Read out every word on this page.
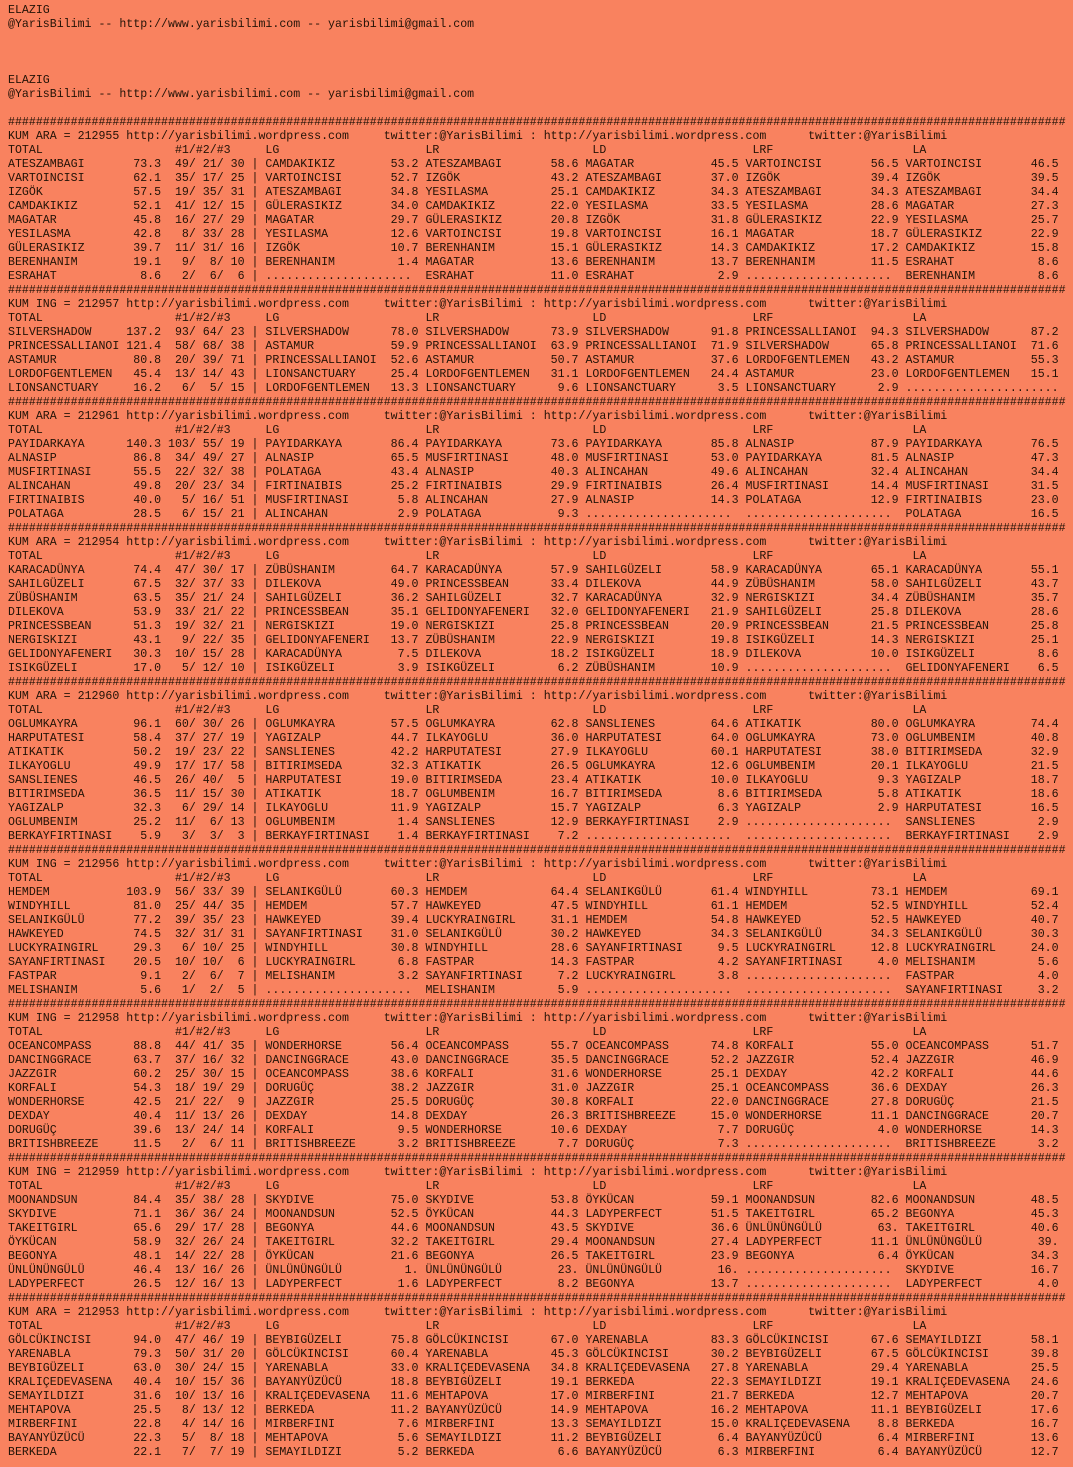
ELAZIG
@YarisBilimi -- http://www.yarisbilimi.com -- yarisbilimi@gmail.com
ELAZIG
@YarisBilimi -- http://www.yarisbilimi.com -- yarisbilimi@gmail.com
########################################################################################################################################################
KUM ARA = 212955 http://yarisbilimi.wordpress.com     twitter:@YarisBilimi : http://yarisbilimi.wordpress.com      twitter:@YarisBilimi
TOTAL                   #1/#2/#3     LG                     LR                      LD                     LRF                    LA
ATESZAMBAGI       73.3  49/ 21/ 30 | CAMDAKIKIZ        53.2 ATESZAMBAGI       58.6 MAGATAR           45.5 VARTOINCISI       56.5 VARTOINCISI       46.5
VARTOINCISI       62.1  35/ 17/ 25 | VARTOINCISI       52.7 IZGÖK             43.2 ATESZAMBAGI       37.0 IZGÖK             39.4 IZGÖK             39.5
IZGÖK             57.5  19/ 35/ 31 | ATESZAMBAGI       34.8 YESILASMA         25.1 CAMDAKIKIZ        34.3 ATESZAMBAGI       34.3 ATESZAMBAGI       34.4
CAMDAKIKIZ        52.1  41/ 12/ 15 | GÜLERASIKIZ       34.0 CAMDAKIKIZ        22.0 YESILASMA         33.5 YESILASMA         28.6 MAGATAR           27.3
MAGATAR           45.8  16/ 27/ 29 | MAGATAR           29.7 GÜLERASIKIZ       20.8 IZGÖK             31.8 GÜLERASIKIZ       22.9 YESILASMA         25.7
YESILASMA         42.8   8/ 33/ 28 | YESILASMA         12.6 VARTOINCISI       19.8 VARTOINCISI       16.1 MAGATAR           18.7 GÜLERASIKIZ       22.9
GÜLERASIKIZ       39.7  11/ 31/ 16 | IZGÖK             10.7 BERENHANIM        15.1 GÜLERASIKIZ       14.3 CAMDAKIKIZ        17.2 CAMDAKIKIZ        15.8
BERENHANIM        19.1   9/  8/ 10 | BERENHANIM         1.4 MAGATAR           13.6 BERENHANIM        13.7 BERENHANIM        11.5 ESRAHAT            8.6
ESRAHAT            8.6   2/  6/  6 | .....................  ESRAHAT           11.0 ESRAHAT            2.9 .....................  BERENHANIM         8.6
########################################################################################################################################################
KUM ING = 212957 http://yarisbilimi.wordpress.com     twitter:@YarisBilimi : http://yarisbilimi.wordpress.com      twitter:@YarisBilimi
TOTAL                   #1/#2/#3     LG                     LR                      LD                     LRF                    LA
SILVERSHADOW     137.2  93/ 64/ 23 | SILVERSHADOW      78.0 SILVERSHADOW      73.9 SILVERSHADOW      91.8 PRINCESSALLIANOI  94.3 SILVERSHADOW      87.2
PRINCESSALLIANOI 121.4  58/ 68/ 38 | ASTAMUR           59.9 PRINCESSALLIANOI  63.9 PRINCESSALLIANOI  71.9 SILVERSHADOW      65.8 PRINCESSALLIANOI  71.6
ASTAMUR           80.8  20/ 39/ 71 | PRINCESSALLIANOI  52.6 ASTAMUR           50.7 ASTAMUR           37.6 LORDOFGENTLEMEN   43.2 ASTAMUR           55.3
LORDOFGENTLEMEN   45.4  13/ 14/ 43 | LIONSANCTUARY     25.4 LORDOFGENTLEMEN   31.1 LORDOFGENTLEMEN   24.4 ASTAMUR           23.0 LORDOFGENTLEMEN   15.1
LIONSANCTUARY     16.2   6/  5/ 15 | LORDOFGENTLEMEN   13.3 LIONSANCTUARY      9.6 LIONSANCTUARY      3.5 LIONSANCTUARY      2.9 ......................
########################################################################################################################################################
KUM ARA = 212961 http://yarisbilimi.wordpress.com     twitter:@YarisBilimi : http://yarisbilimi.wordpress.com      twitter:@YarisBilimi
TOTAL                   #1/#2/#3     LG                     LR                      LD                     LRF                    LA
PAYIDARKAYA      140.3 103/ 55/ 19 | PAYIDARKAYA       86.4 PAYIDARKAYA       73.6 PAYIDARKAYA       85.8 ALNASIP           87.9 PAYIDARKAYA       76.5
ALNASIP           86.8  34/ 49/ 27 | ALNASIP           65.5 MUSFIRTINASI      48.0 MUSFIRTINASI      53.0 PAYIDARKAYA       81.5 ALNASIP           47.3
MUSFIRTINASI      55.5  22/ 32/ 38 | POLATAGA          43.4 ALNASIP           40.3 ALINCAHAN         49.6 ALINCAHAN         32.4 ALINCAHAN         34.4
ALINCAHAN         49.8  20/ 23/ 34 | FIRTINAIBIS       25.2 FIRTINAIBIS       29.9 FIRTINAIBIS       26.4 MUSFIRTINASI      14.4 MUSFIRTINASI      31.5
FIRTINAIBIS       40.0   5/ 16/ 51 | MUSFIRTINASI       5.8 ALINCAHAN         27.9 ALNASIP           14.3 POLATAGA          12.9 FIRTINAIBIS       23.0
POLATAGA          28.5   6/ 15/ 21 | ALINCAHAN          2.9 POLATAGA           9.3 .....................  .....................  POLATAGA          16.5
########################################################################################################################################################
KUM ARA = 212954 http://yarisbilimi.wordpress.com     twitter:@YarisBilimi : http://yarisbilimi.wordpress.com      twitter:@YarisBilimi
TOTAL                   #1/#2/#3     LG                     LR                      LD                     LRF                    LA
KARACADÜNYA       74.4  47/ 30/ 17 | ZÜBÜSHANIM        64.7 KARACADÜNYA       57.9 SAHILGÜZELI       58.9 KARACADÜNYA       65.1 KARACADÜNYA       55.1
SAHILGÜZELI       67.5  32/ 37/ 33 | DILEKOVA          49.0 PRINCESSBEAN      33.4 DILEKOVA          44.9 ZÜBÜSHANIM        58.0 SAHILGÜZELI       43.7
ZÜBÜSHANIM        63.5  35/ 21/ 24 | SAHILGÜZELI       36.2 SAHILGÜZELI       32.7 KARACADÜNYA       32.9 NERGISKIZI        34.4 ZÜBÜSHANIM        35.7
DILEKOVA          53.9  33/ 21/ 22 | PRINCESSBEAN      35.1 GELIDONYAFENERI   32.0 GELIDONYAFENERI   21.9 SAHILGÜZELI       25.8 DILEKOVA          28.6
PRINCESSBEAN      51.3  19/ 32/ 21 | NERGISKIZI        19.0 NERGISKIZI        25.8 PRINCESSBEAN      20.9 PRINCESSBEAN      21.5 PRINCESSBEAN      25.8
NERGISKIZI        43.1   9/ 22/ 35 | GELIDONYAFENERI   13.7 ZÜBÜSHANIM        22.9 NERGISKIZI        19.8 ISIKGÜZELI        14.3 NERGISKIZI        25.1
GELIDONYAFENERI   30.3  10/ 15/ 28 | KARACADÜNYA        7.5 DILEKOVA          18.2 ISIKGÜZELI        18.9 DILEKOVA          10.0 ISIKGÜZELI         8.6
ISIKGÜZELI        17.0   5/ 12/ 10 | ISIKGÜZELI         3.9 ISIKGÜZELI         6.2 ZÜBÜSHANIM        10.9 .....................  GELIDONYAFENERI    6.5
########################################################################################################################################################
KUM ARA = 212960 http://yarisbilimi.wordpress.com     twitter:@YarisBilimi : http://yarisbilimi.wordpress.com      twitter:@YarisBilimi
TOTAL                   #1/#2/#3     LG                     LR                      LD                     LRF                    LA
OGLUMKAYRA        96.1  60/ 30/ 26 | OGLUMKAYRA        57.5 OGLUMKAYRA        62.8 SANSLIENES        64.6 ATIKATIK          80.0 OGLUMKAYRA        74.4
HARPUTATESI       58.4  37/ 27/ 19 | YAGIZALP          44.7 ILKAYOGLU         36.0 HARPUTATESI       64.0 OGLUMKAYRA        73.0 OGLUMBENIM        40.8
ATIKATIK          50.2  19/ 23/ 22 | SANSLIENES        42.2 HARPUTATESI       27.9 ILKAYOGLU         60.1 HARPUTATESI       38.0 BITIRIMSEDA       32.9
ILKAYOGLU         49.9  17/ 17/ 58 | BITIRIMSEDA       32.3 ATIKATIK          26.5 OGLUMKAYRA        12.6 OGLUMBENIM        20.1 ILKAYOGLU         21.5
SANSLIENES        46.5  26/ 40/  5 | HARPUTATESI       19.0 BITIRIMSEDA       23.4 ATIKATIK          10.0 ILKAYOGLU          9.3 YAGIZALP          18.7
BITIRIMSEDA       36.5  11/ 15/ 30 | ATIKATIK          18.7 OGLUMBENIM        16.7 BITIRIMSEDA        8.6 BITIRIMSEDA        5.8 ATIKATIK          18.6
YAGIZALP          32.3   6/ 29/ 14 | ILKAYOGLU         11.9 YAGIZALP          15.7 YAGIZALP           6.3 YAGIZALP           2.9 HARPUTATESI       16.5
OGLUMBENIM        25.2  11/  6/ 13 | OGLUMBENIM         1.4 SANSLIENES        12.9 BERKAYFIRTINASI    2.9 .....................  SANSLIENES         2.9
BERKAYFIRTINASI    5.9   3/  3/  3 | BERKAYFIRTINASI    1.4 BERKAYFIRTINASI    7.2 .....................  .....................  BERKAYFIRTINASI    2.9
########################################################################################################################################################
KUM ING = 212956 http://yarisbilimi.wordpress.com     twitter:@YarisBilimi : http://yarisbilimi.wordpress.com      twitter:@YarisBilimi
TOTAL                   #1/#2/#3     LG                     LR                      LD                     LRF                    LA
HEMDEM           103.9  56/ 33/ 39 | SELANIKGÜLÜ       60.3 HEMDEM            64.4 SELANIKGÜLÜ       61.4 WINDYHILL         73.1 HEMDEM            69.1
WINDYHILL         81.0  25/ 44/ 35 | HEMDEM            57.7 HAWKEYED          47.5 WINDYHILL         61.1 HEMDEM            52.5 WINDYHILL         52.4
SELANIKGÜLÜ       77.2  39/ 35/ 23 | HAWKEYED          39.4 LUCKYRAINGIRL     31.1 HEMDEM            54.8 HAWKEYED          52.5 HAWKEYED          40.7
HAWKEYED          74.5  32/ 31/ 31 | SAYANFIRTINASI    31.0 SELANIKGÜLÜ       30.2 HAWKEYED          34.3 SELANIKGÜLÜ       34.3 SELANIKGÜLÜ       30.3
LUCKYRAINGIRL     29.3   6/ 10/ 25 | WINDYHILL         30.8 WINDYHILL         28.6 SAYANFIRTINASI     9.5 LUCKYRAINGIRL     12.8 LUCKYRAINGIRL     24.0
SAYANFIRTINASI    20.5  10/ 10/  6 | LUCKYRAINGIRL      6.8 FASTPAR           14.3 FASTPAR            4.2 SAYANFIRTINASI     4.0 MELISHANIM         5.6
FASTPAR            9.1   2/  6/  7 | MELISHANIM         3.2 SAYANFIRTINASI     7.2 LUCKYRAINGIRL      3.8 .....................  FASTPAR            4.0
MELISHANIM         5.6   1/  2/  5 | .....................  MELISHANIM         5.9 .....................  .....................  SAYANFIRTINASI     3.2
########################################################################################################################################################
KUM ING = 212958 http://yarisbilimi.wordpress.com     twitter:@YarisBilimi : http://yarisbilimi.wordpress.com      twitter:@YarisBilimi
TOTAL                   #1/#2/#3     LG                     LR                      LD                     LRF                    LA
OCEANCOMPASS      88.8  44/ 41/ 35 | WONDERHORSE       56.4 OCEANCOMPASS      55.7 OCEANCOMPASS      74.8 KORFALI           55.0 OCEANCOMPASS      51.7
DANCINGGRACE      63.7  37/ 16/ 32 | DANCINGGRACE      43.0 DANCINGGRACE      35.5 DANCINGGRACE      52.2 JAZZGIR           52.4 JAZZGIR           46.9
JAZZGIR           60.2  25/ 30/ 15 | OCEANCOMPASS      38.6 KORFALI           31.6 WONDERHORSE       25.1 DEXDAY            42.2 KORFALI           44.6
KORFALI           54.3  18/ 19/ 29 | DORUGÜÇ           38.2 JAZZGIR           31.0 JAZZGIR           25.1 OCEANCOMPASS      36.6 DEXDAY            26.3
WONDERHORSE       42.5  21/ 22/  9 | JAZZGIR           25.5 DORUGÜÇ           30.8 KORFALI           22.0 DANCINGGRACE      27.8 DORUGÜÇ           21.5
DEXDAY            40.4  11/ 13/ 26 | DEXDAY            14.8 DEXDAY            26.3 BRITISHBREEZE     15.0 WONDERHORSE       11.1 DANCINGGRACE      20.7
DORUGÜÇ           39.6  13/ 24/ 14 | KORFALI            9.5 WONDERHORSE       10.6 DEXDAY             7.7 DORUGÜÇ            4.0 WONDERHORSE       14.3
BRITISHBREEZE     11.5   2/  6/ 11 | BRITISHBREEZE      3.2 BRITISHBREEZE      7.7 DORUGÜÇ            7.3 .....................  BRITISHBREEZE      3.2
########################################################################################################################################################
KUM ING = 212959 http://yarisbilimi.wordpress.com     twitter:@YarisBilimi : http://yarisbilimi.wordpress.com      twitter:@YarisBilimi
TOTAL                   #1/#2/#3     LG                     LR                      LD                     LRF                    LA
MOONANDSUN        84.4  35/ 38/ 28 | SKYDIVE           75.0 SKYDIVE           53.8 ÖYKÜCAN           59.1 MOONANDSUN        82.6 MOONANDSUN        48.5
SKYDIVE           71.1  36/ 36/ 24 | MOONANDSUN        52.5 ÖYKÜCAN           44.3 LADYPERFECT       51.5 TAKEITGIRL        65.2 BEGONYA           45.3
TAKEITGIRL        65.6  29/ 17/ 28 | BEGONYA           44.6 MOONANDSUN        43.5 SKYDIVE           36.6 ÜNLÜNÜNGÜLÜ        63. TAKEITGIRL        40.6
ÖYKÜCAN           58.9  32/ 26/ 24 | TAKEITGIRL        32.2 TAKEITGIRL        29.4 MOONANDSUN        27.4 LADYPERFECT       11.1 ÜNLÜNÜNGÜLÜ        39.
BEGONYA           48.1  14/ 22/ 28 | ÖYKÜCAN           21.6 BEGONYA           26.5 TAKEITGIRL        23.9 BEGONYA            6.4 ÖYKÜCAN           34.3
ÜNLÜNÜNGÜLÜ       46.4  13/ 16/ 26 | ÜNLÜNÜNGÜLÜ         1. ÜNLÜNÜNGÜLÜ        23. ÜNLÜNÜNGÜLÜ        16. .....................  SKYDIVE           16.7
LADYPERFECT       26.5  12/ 16/ 13 | LADYPERFECT        1.6 LADYPERFECT        8.2 BEGONYA           13.7 .....................  LADYPERFECT        4.0
########################################################################################################################################################
KUM ARA = 212953 http://yarisbilimi.wordpress.com     twitter:@YarisBilimi : http://yarisbilimi.wordpress.com      twitter:@YarisBilimi
TOTAL                   #1/#2/#3     LG                     LR                      LD                     LRF                    LA
GÖLCÜKINCISI      94.0  47/ 46/ 19 | BEYBIGÜZELI       75.8 GÖLCÜKINCISI      67.0 YARENABLA         83.3 GÖLCÜKINCISI      67.6 SEMAYILDIZI       58.1
YARENABLA         79.3  50/ 31/ 20 | GÖLCÜKINCISI      60.4 YARENABLA         45.3 GÖLCÜKINCISI      30.2 BEYBIGÜZELI       67.5 GÖLCÜKINCISI      39.8
BEYBIGÜZELI       63.0  30/ 24/ 15 | YARENABLA         33.0 KRALIÇEDEVASENA   34.8 KRALIÇEDEVASENA   27.8 YARENABLA         29.4 YARENABLA         25.5
KRALIÇEDEVASENA   40.4  10/ 15/ 36 | BAYANYÜZÜCÜ       18.8 BEYBIGÜZELI       19.1 BERKEDA           22.3 SEMAYILDIZI       19.1 KRALIÇEDEVASENA   24.6
SEMAYILDIZI       31.6  10/ 13/ 16 | KRALIÇEDEVASENA   11.6 MEHTAPOVA         17.0 MIRBERFINI        21.7 BERKEDA           12.7 MEHTAPOVA         20.7
MEHTAPOVA         25.5   8/ 13/ 12 | BERKEDA           11.2 BAYANYÜZÜCÜ       14.9 MEHTAPOVA         16.2 MEHTAPOVA         11.1 BEYBIGÜZELI       17.6
MIRBERFINI        22.8   4/ 14/ 16 | MIRBERFINI         7.6 MIRBERFINI        13.3 SEMAYILDIZI       15.0 KRALIÇEDEVASENA    8.8 BERKEDA           16.7
BAYANYÜZÜCÜ       22.3   5/  8/ 18 | MEHTAPOVA          5.6 SEMAYILDIZI       11.2 BEYBIGÜZELI        6.4 BAYANYÜZÜCÜ        6.4 MIRBERFINI        13.6
BERKEDA           22.1   7/  7/ 19 | SEMAYILDIZI        5.2 BERKEDA            6.6 BAYANYÜZÜCÜ        6.3 MIRBERFINI         6.4 BAYANYÜZÜCÜ       12.7
